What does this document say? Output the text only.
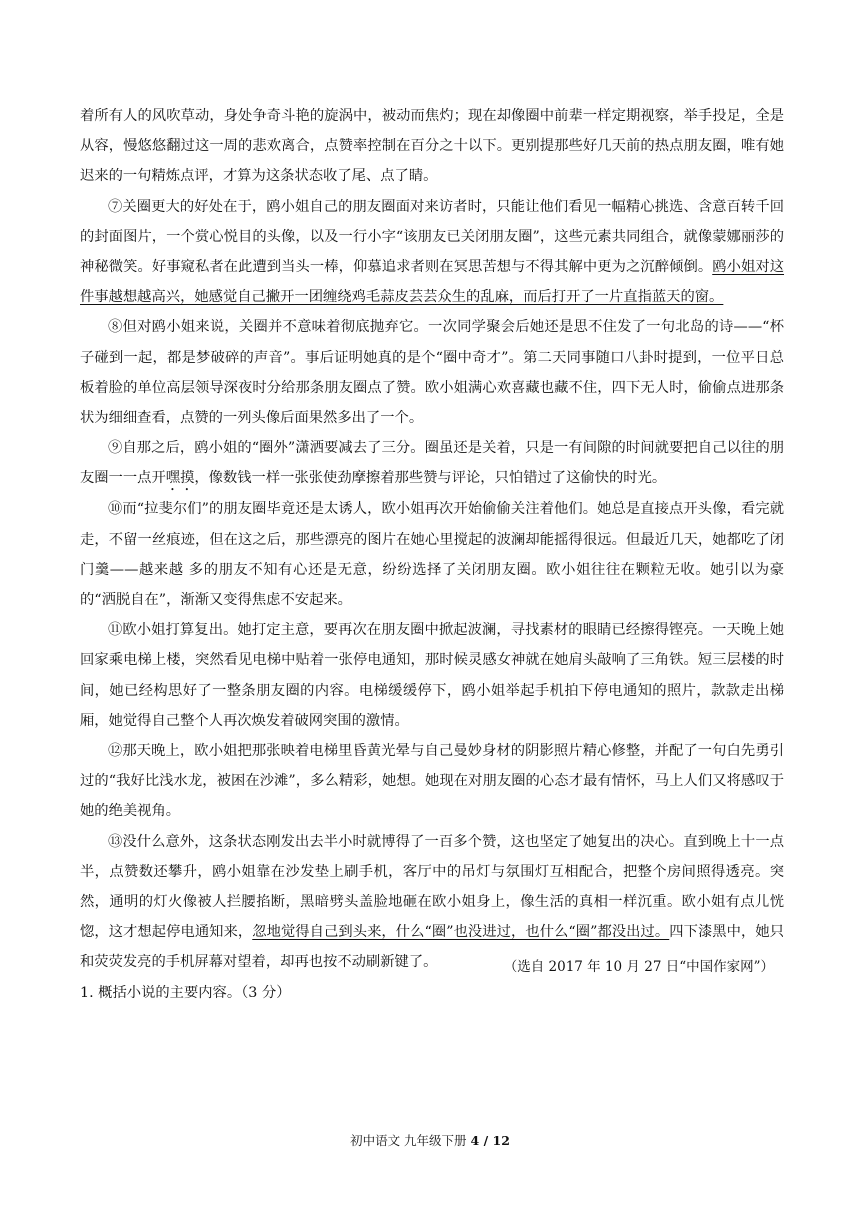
着所有人的风吹草动，身处争奇斗艳的旋涡中，被动而焦灼；现在却像圈中前辈一样定期视察，举手投足，全是从容，慢悠悠翻过这一周的悲欢离合，点赞率控制在百分之十以下。更别提那些好几天前的热点朋友圈，唯有她迟来的一句精炼点评，才算为这条状态收了尾、点了睛。

⑦关圈更大的好处在于，鸥小姐自己的朋友圈面对来访者时，只能让他们看见一幅精心挑选、含意百转千回的封面图片，一个赏心悦目的头像，以及一行小字“该朋友已关闭朋友圈”，这些元素共同组合，就像蒙娜丽莎的神秘微笑。好事窥私者在此遭到当头一棒，仰慕追求者则在冥思苦想与不得其解中更为之沉醉倾倒。鸥小姐对这件事越想越高兴，她感觉自己撇开一团缠绕鸡毛蒜皮芸芸众生的乱麻，而后打开了一片直指蓝天的窗。

⑧但对鸥小姐来说，关圈并不意味着彻底抛弃它。一次同学聚会后她还是思不住发了一句北岛的诗——“杯子碰到一起，都是梦破碎的声音”。事后证明她真的是个“圈中奇才”。第二天同事随口八卦时提到，一位平日总板着脸的单位高层领导深夜时分给那条朋友圈点了赞。欧小姐满心欢喜藏也藏不住，四下无人时，偷偷点进那条状为细细查看，点赞的一列头像后面果然多出了一个。

⑨自那之后，鸥小姐的“圈外”潇洒要减去了三分。圈虽还是关着，只是一有间隙的时间就要把自己以往的朋友圈一一点开嘿摸，像数钱一样一张张使劲摩擦着那些赞与评论，只怕错过了这偷快的时光。

⑩而“拉斐尔们”的朋友圈毕竟还是太诱人，欧小姐再次开始偷偷关注着他们。她总是直接点开头像，看完就走，不留一丝痕迹，但在这之后，那些漂亮的图片在她心里搅起的波澜却能摇得很远。但最近几天，她都吃了闭门羹——越来越 多的朋友不知有心还是无意，纷纷选择了关闭朋友圈。欧小姐往往在颗粒无收。她引以为豪的“洒脱自在”，渐渐又变得焦虑不安起来。

⑪欧小姐打算复出。她打定主意，要再次在朋友圈中掀起波澜，寻找素材的眼睛已经擦得铿亮。一天晚上她回家乘电梯上楼，突然看见电梯中贴着一张停电通知，那时候灵感女神就在她肩头敲响了三角铁。短三层楼的时间，她已经构思好了一整条朋友圈的内容。电梯缓缓停下，鸥小姐举起手机拍下停电通知的照片，款款走出梯厢，她觉得自己整个人再次焕发着破网突围的激情。

⑫那天晚上，欧小姐把那张映着电梯里昏黄光晕与自己曼妙身材的阴影照片精心修整，并配了一句白先勇引过的“我好比浅水龙，被困在沙滩”，多么精彩，她想。她现在对朋友圈的心态才最有情怀，马上人们又将感叹于她的绝美视角。

⑬没什么意外，这条状态刚发出去半小时就博得了一百多个赞，这也坚定了她复出的决心。直到晚上十一点半，点赞数还攀升，鸥小姐靠在沙发垫上刷手机，客厅中的吊灯与氛围灯互相配合，把整个房间照得透亮。突然，通明的灯火像被人拦腰掐断，黑暗劈头盖脸地砸在欧小姐身上，像生活的真相一样沉重。欧小姐有点儿恍惚，这才想起停电通知来，忽地觉得自己到头来，什么“圈”也没进过，也什么“圈”都没出过。四下漆黑中，她只和荧荧发亮的手机屏幕对望着，却再也按不动刷新键了。	（选自 2017 年 10 月 27 日“中国作家网”）
1. 概括小说的主要内容。（3 分）
初中语文 九年级下册 4 / 12
